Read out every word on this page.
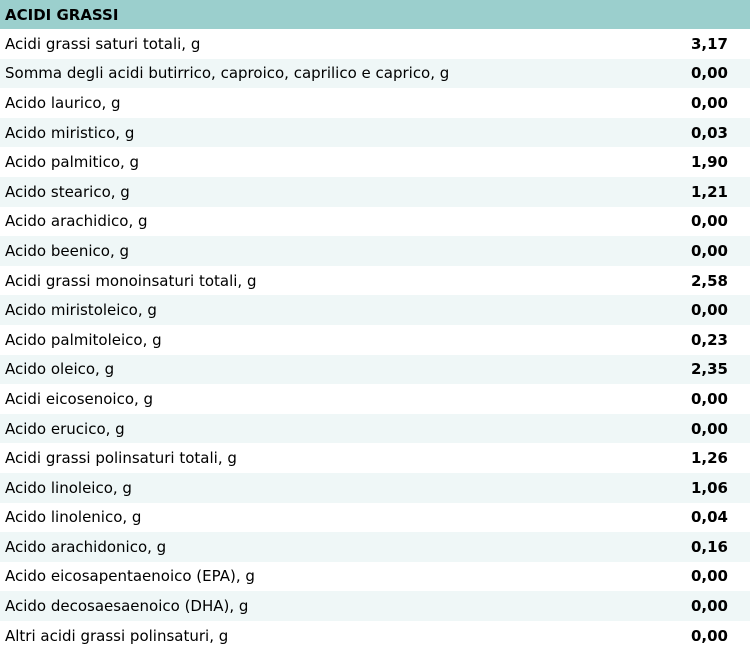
ACIDI GRASSI	
Acidi grassi saturi totali, g	3,17
Somma degli acidi butirrico, caproico, caprilico e caprico, g	0,00
Acido laurico, g	0,00
Acido miristico, g	0,03
Acido palmitico, g	1,90
Acido stearico, g	1,21
Acido arachidico, g	0,00
Acido beenico, g	0,00
Acidi grassi monoinsaturi totali, g	2,58
Acido miristoleico, g	0,00
Acido palmitoleico, g	0,23
Acido oleico, g	2,35
Acidi eicosenoico, g	0,00
Acido erucico, g	0,00
Acidi grassi polinsaturi totali, g	1,26
Acido linoleico, g	1,06
Acido linolenico, g	0,04
Acido arachidonico, g	0,16
Acido eicosapentaenoico (EPA), g	0,00
Acido decosaesaenoico (DHA), g	0,00
Altri acidi grassi polinsaturi, g	0,00
